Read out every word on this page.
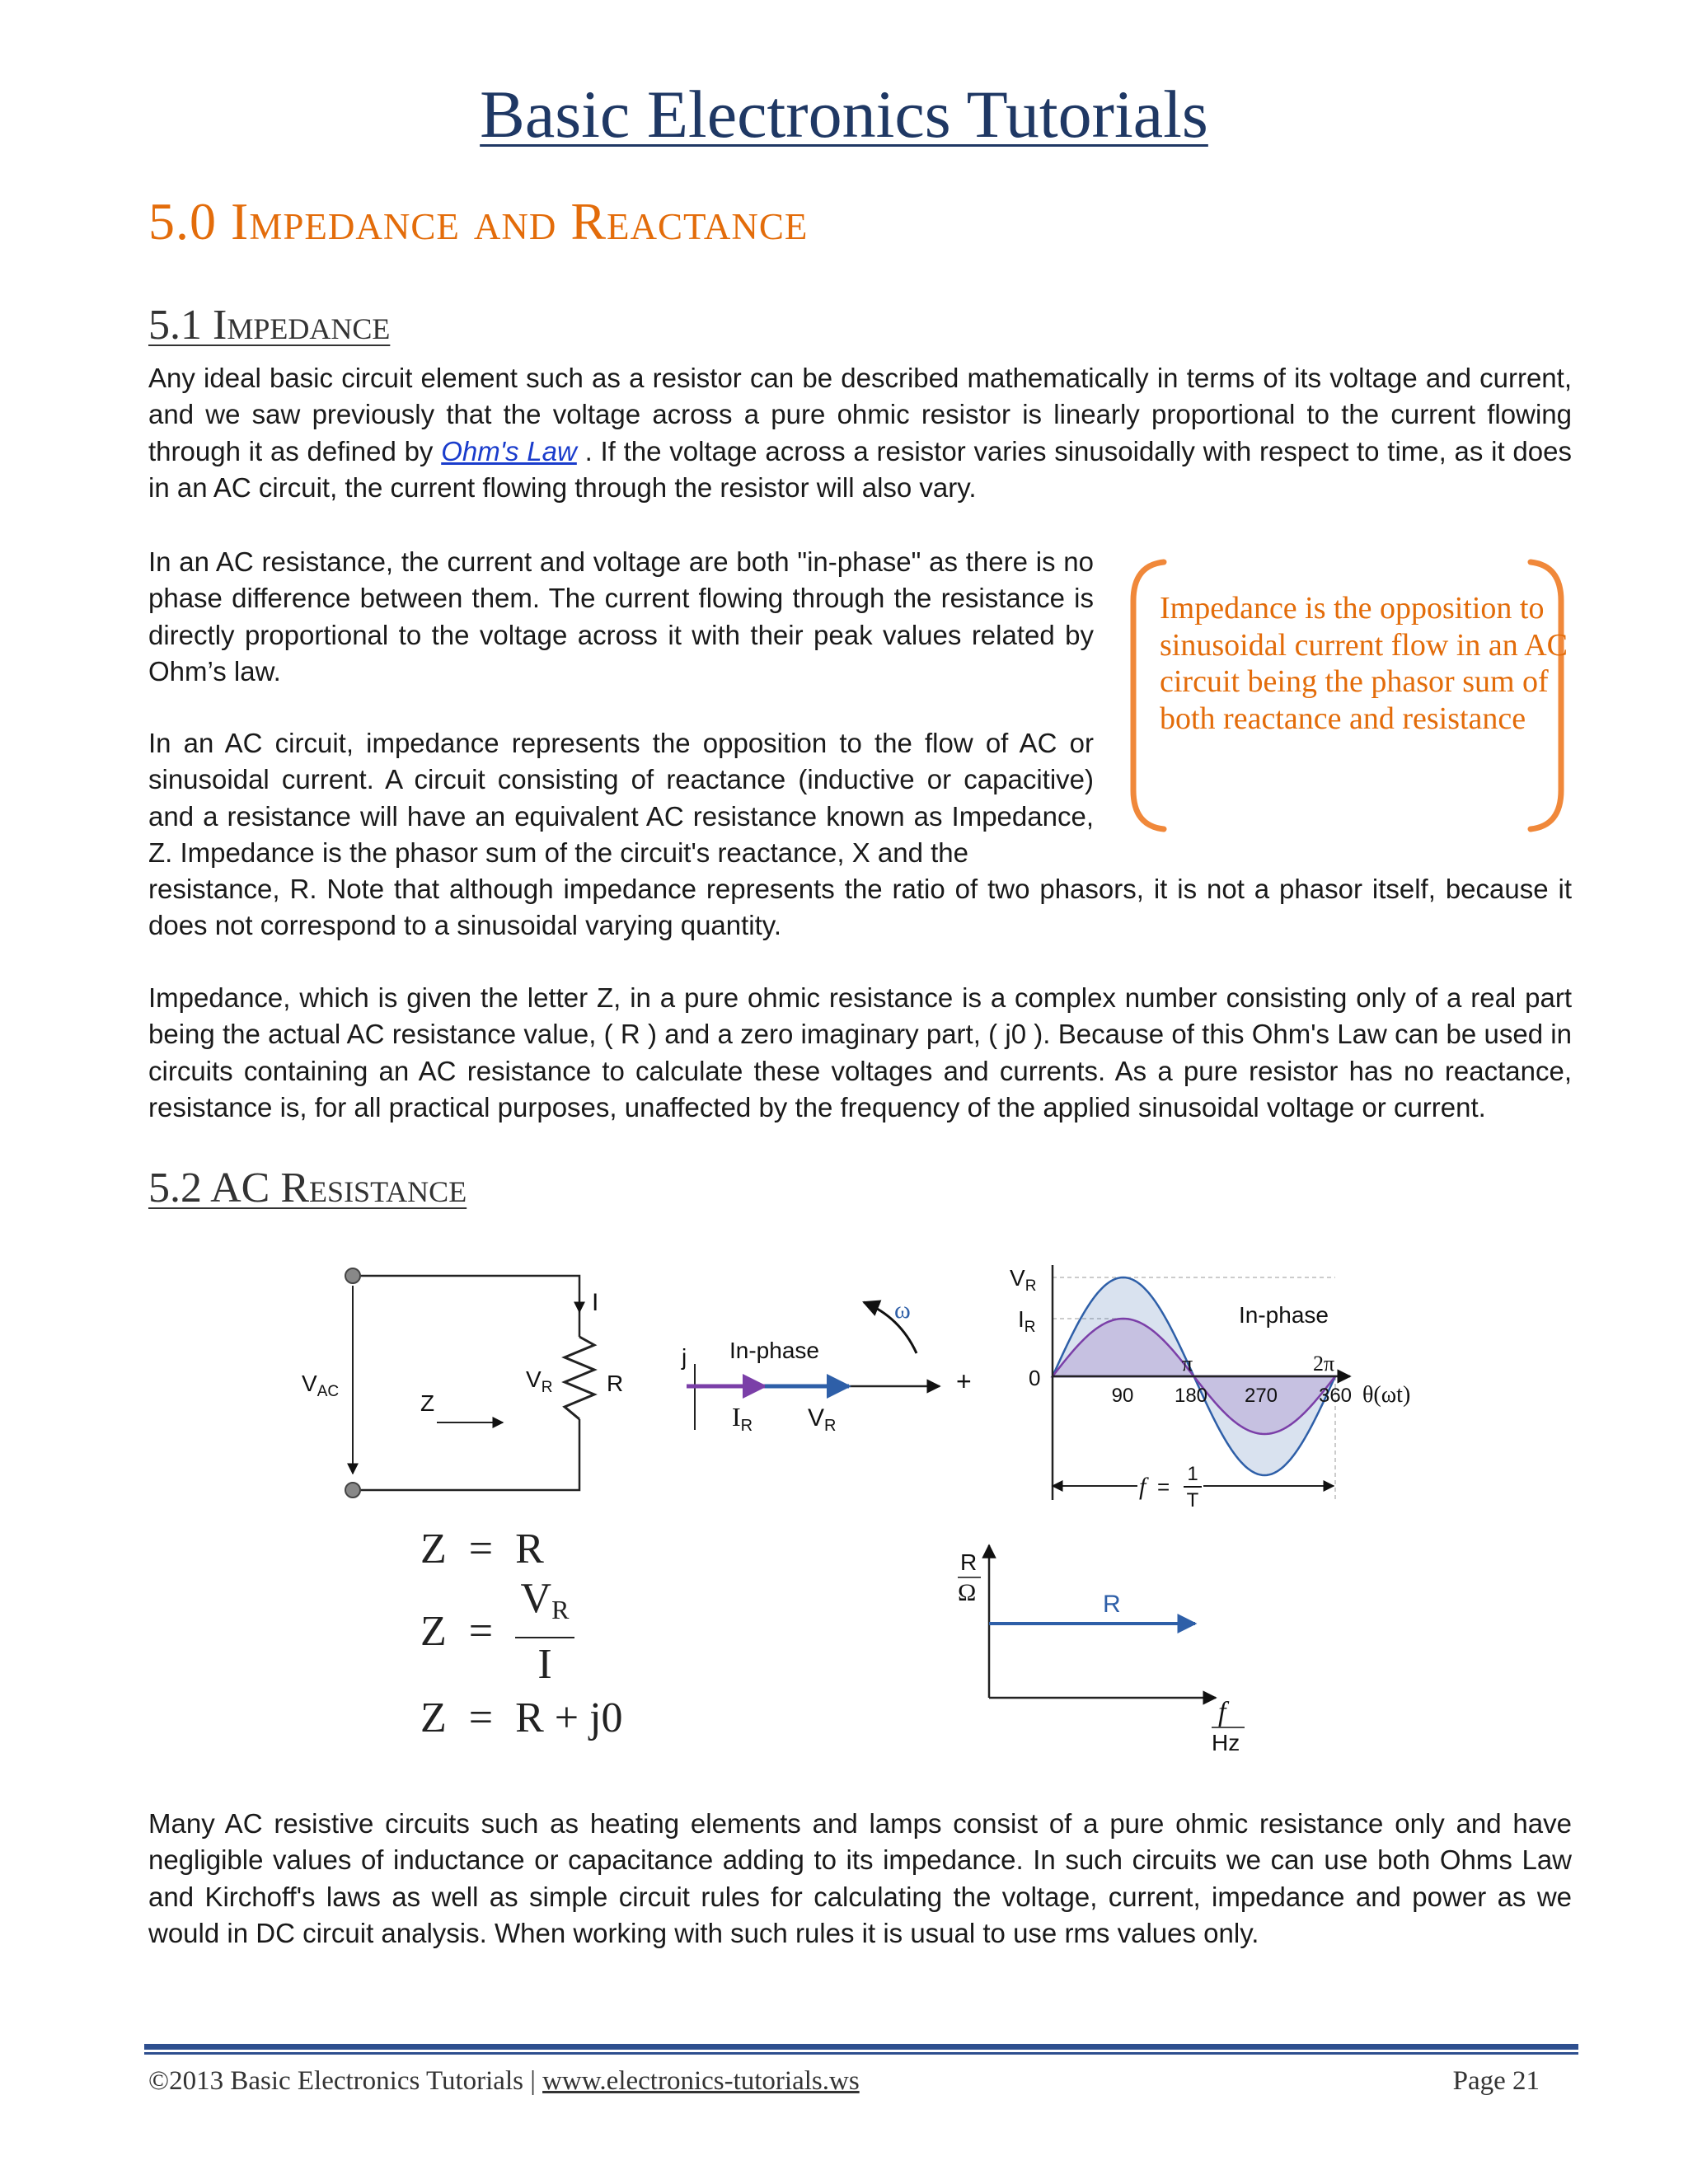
Basic Electronics Tutorials
5.0 Impedance and Reactance
5.1 Impedance
Any ideal basic circuit element such as a resistor can be described mathematically in terms of its voltage and current, and we saw previously that the voltage across a pure ohmic resistor is linearly proportional to the current flowing through it as defined by Ohm's Law . If the voltage across a resistor varies sinusoidally with respect to time, as it does in an AC circuit, the current flowing through the resistor will also vary.
In an AC resistance, the current and voltage are both "in-phase" as there is no phase difference between them. The current flowing through the resistance is directly proportional to the voltage across it with their peak values related by Ohm’s law.
In an AC circuit, impedance represents the opposition to the flow of AC or sinusoidal current. A circuit consisting of reactance (inductive or capacitive) and a resistance will have an equivalent AC resistance known as Impedance, Z. Impedance is the phasor sum of the circuit's reactance, X and the
resistance, R. Note that although impedance represents the ratio of two phasors, it is not a phasor itself, because it does not correspond to a sinusoidal varying quantity.
Impedance is the opposition to sinusoidal current flow in an AC circuit being the phasor sum of both reactance and resistance
Impedance, which is given the letter Z, in a pure ohmic resistance is a complex number consisting only of a real part being the actual AC resistance value, ( R ) and a zero imaginary part, ( j0 ). Because of this Ohm's Law can be used in circuits containing an AC resistance to calculate these voltages and currents. As a pure resistor has no reactance, resistance is, for all practical purposes, unaffected by the frequency of the applied sinusoidal voltage or current.
5.2 AC Resistance
I
$V_{AC}$	Z
$V_R$ R
j In-phase
ω
+
IR $V_R$
$V_R$
$I_R$
0
In-phase
π	2π
90 180 270 360 θ(ωt)
f =
1
T
R
Ω	R
f
Hz
Z = R
Z =
VR
I
Z = R + j0
Many AC resistive circuits such as heating elements and lamps consist of a pure ohmic resistance only and have negligible values of inductance or capacitance adding to its impedance. In such circuits we can use both Ohms Law and Kirchoff's laws as well as simple circuit rules for calculating the voltage, current, impedance and power as we would in DC circuit analysis. When working with such rules it is usual to use rms values only.
©2013 Basic Electronics Tutorials | www.electronics-tutorials.ws	Page 21
